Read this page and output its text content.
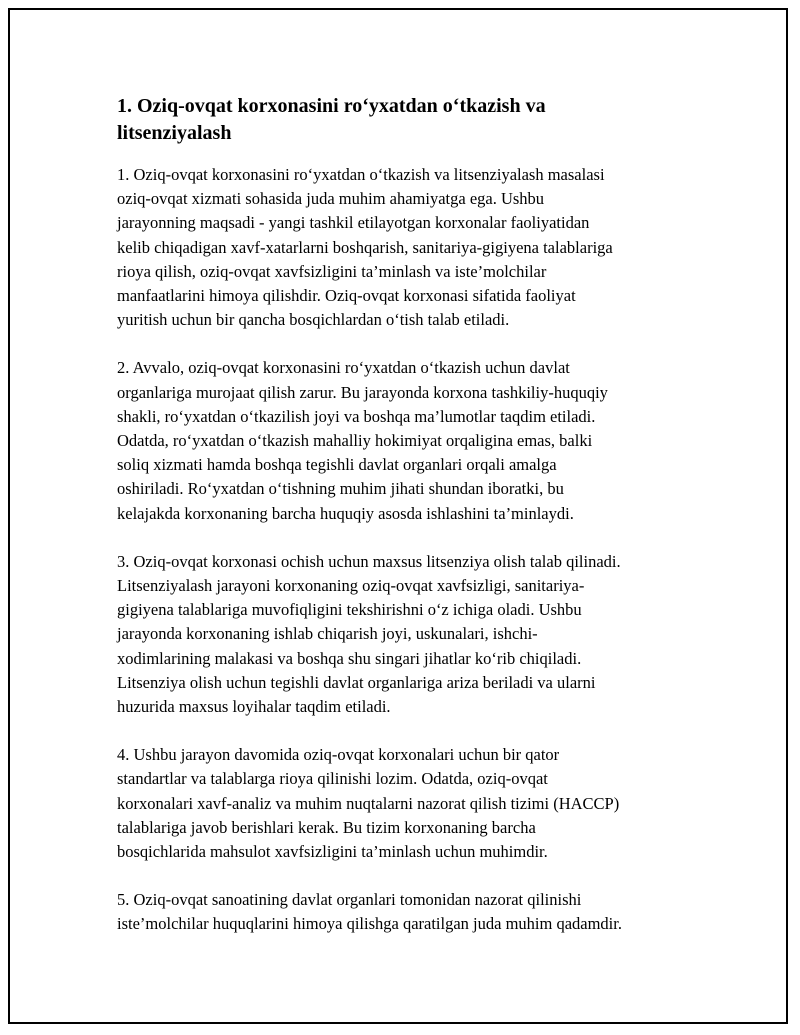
1. Oziq-ovqat korxonasini ro‘yxatdan o‘tkazish va
litsenziyalash

1. Oziq-ovqat korxonasini ro‘yxatdan o‘tkazish va litsenziyalash masalasi
oziq-ovqat xizmati sohasida juda muhim ahamiyatga ega. Ushbu
jarayonning maqsadi - yangi tashkil etilayotgan korxonalar faoliyatidan
kelib chiqadigan xavf-xatarlarni boshqarish, sanitariya-gigiyena talablariga
rioya qilish, oziq-ovqat xavfsizligini ta’minlash va iste’molchilar
manfaatlarini himoya qilishdir. Oziq-ovqat korxonasi sifatida faoliyat
yuritish uchun bir qancha bosqichlardan o‘tish talab etiladi.

2. Avvalo, oziq-ovqat korxonasini ro‘yxatdan o‘tkazish uchun davlat
organlariga murojaat qilish zarur. Bu jarayonda korxona tashkiliy-huquqiy
shakli, ro‘yxatdan o‘tkazilish joyi va boshqa ma’lumotlar taqdim etiladi.
Odatda, ro‘yxatdan o‘tkazish mahalliy hokimiyat orqaligina emas, balki
soliq xizmati hamda boshqa tegishli davlat organlari orqali amalga
oshiriladi. Ro‘yxatdan o‘tishning muhim jihati shundan iboratki, bu
kelajakda korxonaning barcha huquqiy asosda ishlashini ta’minlaydi.

3. Oziq-ovqat korxonasi ochish uchun maxsus litsenziya olish talab qilinadi.
Litsenziyalash jarayoni korxonaning oziq-ovqat xavfsizligi, sanitariya-
gigiyena talablariga muvofiqligini tekshirishni o‘z ichiga oladi. Ushbu
jarayonda korxonaning ishlab chiqarish joyi, uskunalari, ishchi-
xodimlarining malakasi va boshqa shu singari jihatlar ko‘rib chiqiladi.
Litsenziya olish uchun tegishli davlat organlariga ariza beriladi va ularni
huzurida maxsus loyihalar taqdim etiladi.

4. Ushbu jarayon davomida oziq-ovqat korxonalari uchun bir qator
standartlar va talablarga rioya qilinishi lozim. Odatda, oziq-ovqat
korxonalari xavf-analiz va muhim nuqtalarni nazorat qilish tizimi (HACCP)
talablariga javob berishlari kerak. Bu tizim korxonaning barcha
bosqichlarida mahsulot xavfsizligini ta’minlash uchun muhimdir.

5. Oziq-ovqat sanoatining davlat organlari tomonidan nazorat qilinishi
iste’molchilar huquqlarini himoya qilishga qaratilgan juda muhim qadamdir.
